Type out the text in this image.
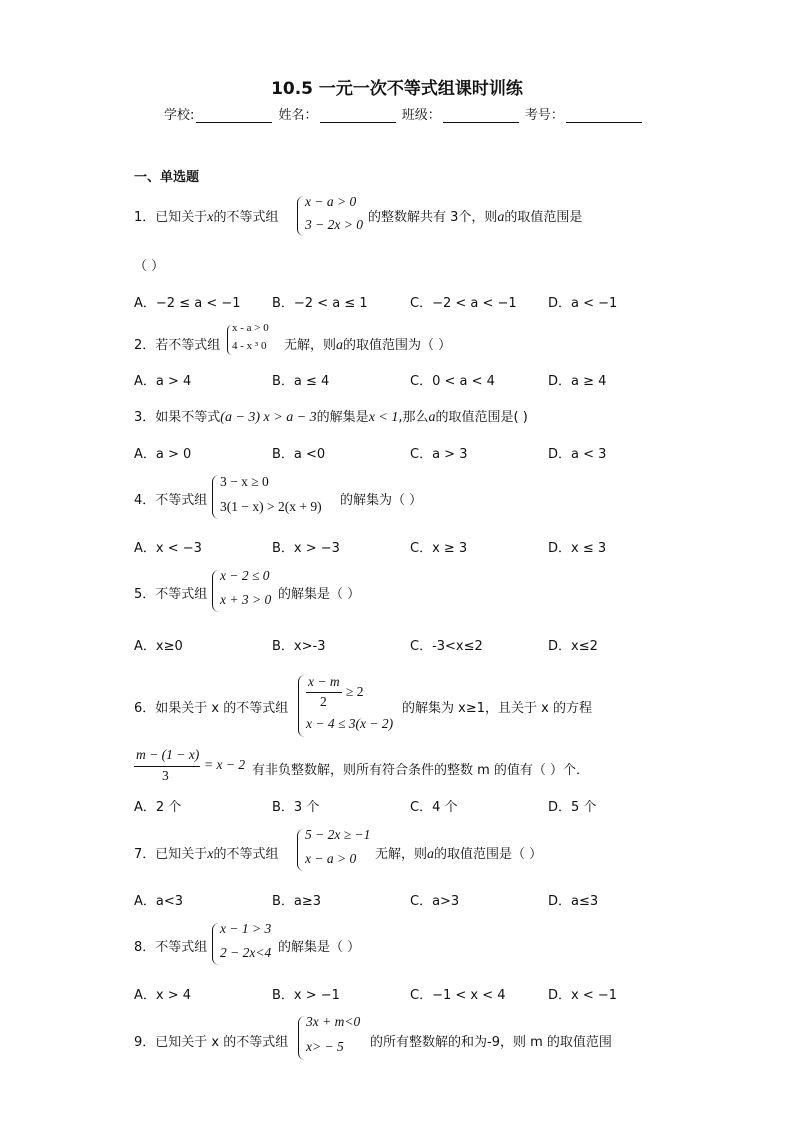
10.5 一元一次不等式组课时训练
学校:	姓名：	班级：	考号：
一、单选题
1．已知关于x的不等式组
x − a > 0
3 − 2x > 0 的整数解共有 3个，则a的取值范围是
（ ）
A．−2 ≤ a < −1 B．−2 < a ≤ 1	C．−2 < a < −1 D．a < −1
2．若不等式组
x - a > 0
4 - x ³ 0 无解，则a的取值范围为（ ）
A．a > 4	B．a ≤ 4	C．0 < a < 4	D．a ≥ 4
3．如果不等式(a − 3) x > a − 3的解集是x < 1,那么a的取值范围是( )
A．a > 0	B．a <0	C．a > 3	D．a < 3
4．不等式组
3 − x ≥ 0
3(1 − x) > 2(x + 9) 的解集为（ ）
A．x < −3	B．x > −3	C．x ≥ 3	D．x ≤ 3
5．不等式组
x − 2 ≤ 0
x + 3 > 0 的解集是（ ）
A．x≥0	B．x>-3	C．-3<x≤2	D．x≤2
6．如果关于 x 的不等式组
x − m
2
≥ 2
x − 4 ≤ 3(x − 2)
的解集为 x≥1，且关于 x 的方程
m − (1 − x)
3
= x − 2 有非负整数解，则所有符合条件的整数 m 的值有（ ）个．
A．2 个	B．3 个	C．4 个	D．5 个
7．已知关于x的不等式组
5 − 2x ≥ −1
x − a > 0 无解，则a的取值范围是（ ）
A．a<3	B．a≥3	C．a>3	D．a≤3
8．不等式组
x − 1 > 3
2 − 2x<4 的解集是（ ）
A．x > 4	B．x > −1	C．−1 < x < 4	D．x < −1
9．已知关于 x 的不等式组
3x + m<0
x> − 5 的所有整数解的和为-9，则 m 的取值范围
